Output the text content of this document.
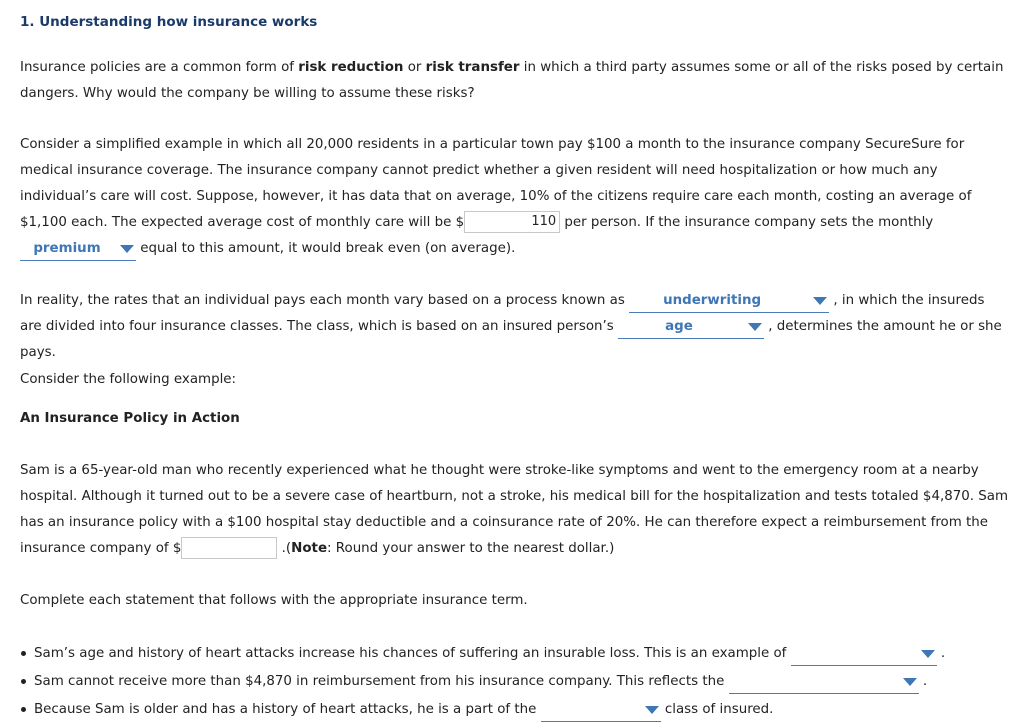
1. Understanding how insurance works
Insurance policies are a common form of risk reduction or risk transfer in which a third party assumes some or all of the risks posed by certain dangers. Why would the company be willing to assume these risks?
Consider a simplified example in which all 20,000 residents in a particular town pay $100 a month to the insurance company SecureSure for medical insurance coverage. The insurance company cannot predict whether a given resident will need hospitalization or how much any individual’s care will cost. Suppose, however, it has data that on average, 10% of the citizens require care each month, costing an average of $1,100 each. The expected average cost of monthly care will be $	110 per person. If the insurance company sets the monthly premium	equal to this amount, it would break even (on average).
In reality, the rates that an individual pays each month vary based on a process known as	underwriting	, in which the insureds are divided into four insurance classes. The class, which is based on an insured person’s	age	, determines the amount he or she pays.
Consider the following example:
An Insurance Policy in Action
Sam is a 65-year-old man who recently experienced what he thought were stroke-like symptoms and went to the emergency room at a nearby hospital. Although it turned out to be a severe case of heartburn, not a stroke, his medical bill for the hospitalization and tests totaled $4,870. Sam has an insurance policy with a $100 hospital stay deductible and a coinsurance rate of 20%. He can therefore expect a reimbursement from the insurance company of $	.(Note: Round your answer to the nearest dollar.)
Complete each statement that follows with the appropriate insurance term.
Sam’s age and history of heart attacks increase his chances of suffering an insurable loss. This is an example of	.
Sam cannot receive more than $4,870 in reimbursement from his insurance company. This reflects the	.
Because Sam is older and has a history of heart attacks, he is a part of the	class of insured.
